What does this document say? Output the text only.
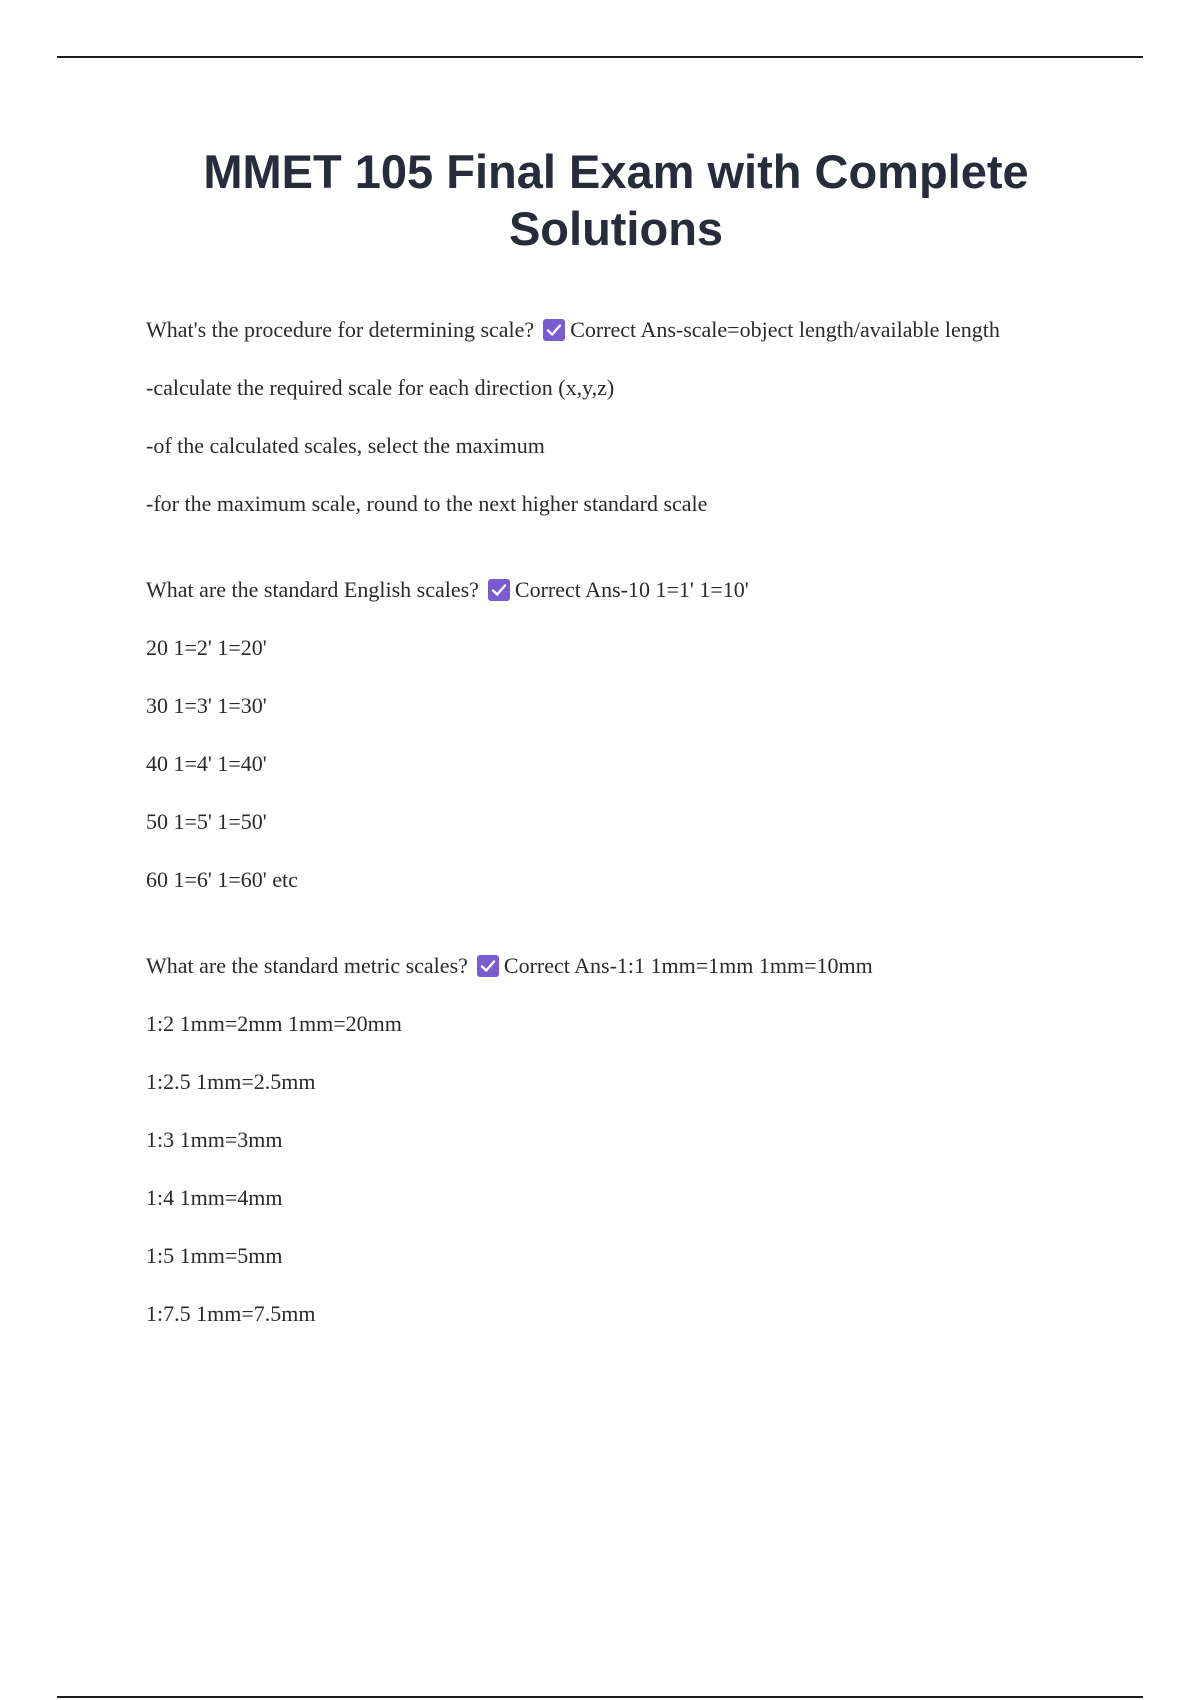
MMET 105 Final Exam with Complete Solutions
What's the procedure for determining scale? Correct Ans-scale=object length/available length
-calculate the required scale for each direction (x,y,z)
-of the calculated scales, select the maximum
-for the maximum scale, round to the next higher standard scale
What are the standard English scales? Correct Ans-10 1=1' 1=10'
20 1=2' 1=20'
30 1=3' 1=30'
40 1=4' 1=40'
50 1=5' 1=50'
60 1=6' 1=60' etc
What are the standard metric scales? Correct Ans-1:1 1mm=1mm 1mm=10mm
1:2 1mm=2mm 1mm=20mm
1:2.5 1mm=2.5mm
1:3 1mm=3mm
1:4 1mm=4mm
1:5 1mm=5mm
1:7.5 1mm=7.5mm
